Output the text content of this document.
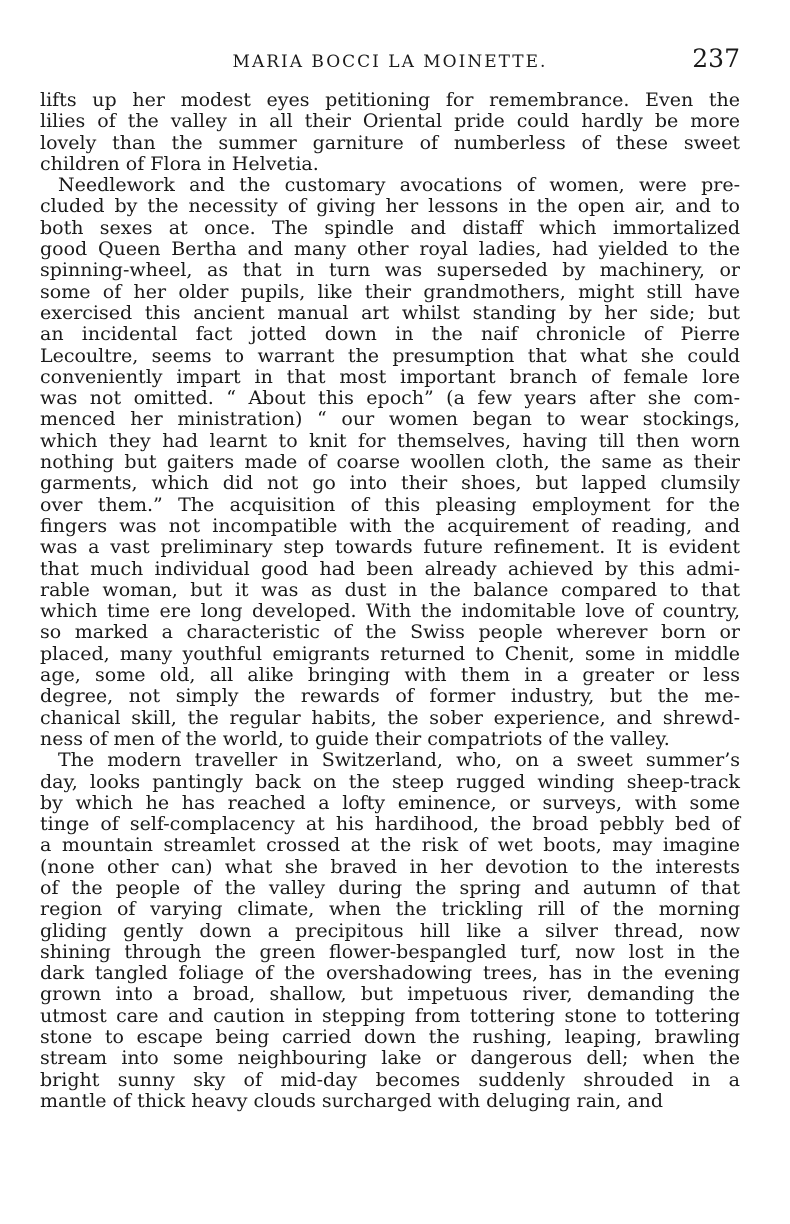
MARIA BOCCI LA MOINETTE.	237
lifts up her modest eyes petitioning for remembrance. Even the
lilies of the valley in all their Oriental pride could hardly be more
lovely than the summer garniture of numberless of these sweet
children of Flora in Helvetia.
Needlework and the customary avocations of women, were pre-
cluded by the necessity of giving her lessons in the open air, and to
both sexes at once. The spindle and distaff which immortalized
good Queen Bertha and many other royal ladies, had yielded to the
spinning-wheel, as that in turn was superseded by machinery, or
some of her older pupils, like their grandmothers, might still have
exercised this ancient manual art whilst standing by her side; but
an incidental fact jotted down in the naif chronicle of Pierre
Lecoultre, seems to warrant the presumption that what she could
conveniently impart in that most important branch of female lore
was not omitted. “ About this epoch” (a few years after she com-
menced her ministration) “ our women began to wear stockings,
which they had learnt to knit for themselves, having till then worn
nothing but gaiters made of coarse woollen cloth, the same as their
garments, which did not go into their shoes, but lapped clumsily
over them.” The acquisition of this pleasing employment for the
fingers was not incompatible with the acquirement of reading, and
was a vast preliminary step towards future refinement. It is evident
that much individual good had been already achieved by this admi-
rable woman, but it was as dust in the balance compared to that
which time ere long developed. With the indomitable love of country,
so marked a characteristic of the Swiss people wherever born or
placed, many youthful emigrants returned to Chenit, some in middle
age, some old, all alike bringing with them in a greater or less
degree, not simply the rewards of former industry, but the me-
chanical skill, the regular habits, the sober experience, and shrewd-
ness of men of the world, to guide their compatriots of the valley.
The modern traveller in Switzerland, who, on a sweet summer’s
day, looks pantingly back on the steep rugged winding sheep-track
by which he has reached a lofty eminence, or surveys, with some
tinge of self-complacency at his hardihood, the broad pebbly bed of
a mountain streamlet crossed at the risk of wet boots, may imagine
(none other can) what she braved in her devotion to the interests
of the people of the valley during the spring and autumn of that
region of varying climate, when the trickling rill of the morning
gliding gently down a precipitous hill like a silver thread, now
shining through the green flower-bespangled turf, now lost in the
dark tangled foliage of the overshadowing trees, has in the evening
grown into a broad, shallow, but impetuous river, demanding the
utmost care and caution in stepping from tottering stone to tottering
stone to escape being carried down the rushing, leaping, brawling
stream into some neighbouring lake or dangerous dell; when the
bright sunny sky of mid-day becomes suddenly shrouded in a
mantle of thick heavy clouds surcharged with deluging rain, and
